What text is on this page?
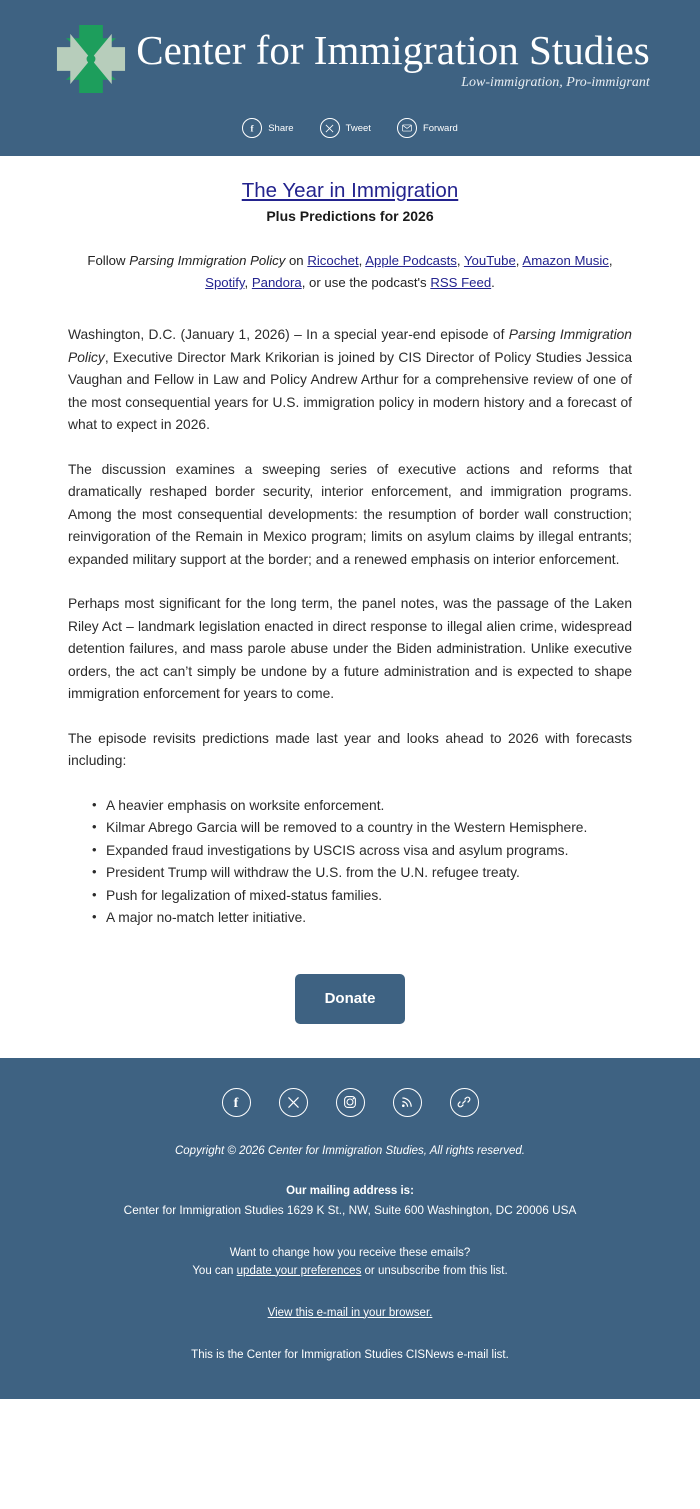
Center for Immigration Studies
Low-immigration, Pro-immigrant
f Share	Tweet	Forward
The Year in Immigration
Plus Predictions for 2026
Follow Parsing Immigration Policy on Ricochet, Apple Podcasts, YouTube, Amazon Music, Spotify, Pandora, or use the podcast's RSS Feed.

Washington, D.C. (January 1, 2026) – In a special year-end episode of Parsing Immigration Policy, Executive Director Mark Krikorian is joined by CIS Director of Policy Studies Jessica Vaughan and Fellow in Law and Policy Andrew Arthur for a comprehensive review of one of the most consequential years for U.S. immigration policy in modern history and a forecast of what to expect in 2026.

The discussion examines a sweeping series of executive actions and reforms that dramatically reshaped border security, interior enforcement, and immigration programs. Among the most consequential developments: the resumption of border wall construction; reinvigoration of the Remain in Mexico program; limits on asylum claims by illegal entrants; expanded military support at the border; and a renewed emphasis on interior enforcement.

Perhaps most significant for the long term, the panel notes, was the passage of the Laken Riley Act – landmark legislation enacted in direct response to illegal alien crime, widespread detention failures, and mass parole abuse under the Biden administration. Unlike executive orders, the act can’t simply be undone by a future administration and is expected to shape immigration enforcement for years to come.

The episode revisits predictions made last year and looks ahead to 2026 with forecasts including:

• A heavier emphasis on worksite enforcement.
• Kilmar Abrego Garcia will be removed to a country in the Western Hemisphere.
• Expanded fraud investigations by USCIS across visa and asylum programs.
• President Trump will withdraw the U.S. from the U.N. refugee treaty.
• Push for legalization of mixed-status families.
• A major no-match letter initiative.
Donate
f
Copyright © 2026 Center for Immigration Studies, All rights reserved.
Our mailing address is:
Center for Immigration Studies 1629 K St., NW, Suite 600 Washington, DC 20006 USA
Want to change how you receive these emails?
You can update your preferences or unsubscribe from this list.
View this e-mail in your browser.
This is the Center for Immigration Studies CISNews e-mail list.
